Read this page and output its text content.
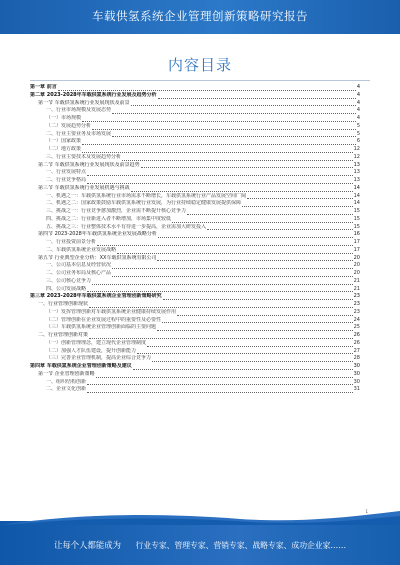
车载供氢系统企业管理创新策略研究报告
内容目录
第一章 前言	4
第二章 2023-2028年车载供氢系统行业发展及趋势分析	4
第一节 车载供氢系统行业发展现状及前景	4
一、行业市场规模及发展态势	4
（一）市场规模	4
（二）发展趋势分析	5
二、行业主要业务及市场发展	5
（一）国家政策	6
（二）地方政策	12
三、行业主要技术及发展趋势分析	12
第二节 车载供氢系统行业发展现状及前景趋势	13
一、行业发展特点	13
二、行业竞争格局	13
第三节 车载供氢系统行业发展机遇与挑战	14
一、机遇之一：车载供氢系统行业市场需求不断增长，车载供氢系统行业产品发展空间广阔	14
二、机遇之二：国家政策鼓励车载供氢系统行业发展，为行业持续稳定健康发展提供保障	14
三、挑战之一：行业竞争愈加激烈，企业需不断提升核心竞争力	15
四、挑战之二：行业新进入者不断增加，市场集中度较低	15
五、挑战之三：行业整体技术水平有待进一步提高，企业需加大研发投入	15
第四节 2023-2028年车载供氢系统企业发展战略分析	16
一、行业投资前景分析	17
二、车载供氢系统企业发展战略	17
第五节 行业典型企业分析：XX车载供氢系统有限公司	20
一、公司基本信息及经营状况	20
二、公司业务布局及核心产品	20
三、公司核心竞争力	21
四、公司发展战略	21
第三章 2023-2028年车载供氢系统企业管理创新策略研究	23
一、行业管理创新现状	23
（一）发挥管理创新对车载供氢系统企业健康持续发展作用	23
（二）管理创新在企业发展过程中的重要性及必要性	24
（三）车载供氢系统企业管理创新面临的主要问题	25
二、行业管理创新对策	26
（一）创新管理理念，建立现代企业管理制度	26
（二）加强人才队伍建设，提升创新能力	27
（三）完善企业管理机制，提高企业综合竞争力	28
第四章 车载供氢系统企业管理创新策略及建议	30
第一节 企业管理创新策略	30
一、组织结构创新	30
二、企业文化创新	31
1
让每个人都能成为 行业专家、管理专家、营销专家、战略专家、成功企业家……
